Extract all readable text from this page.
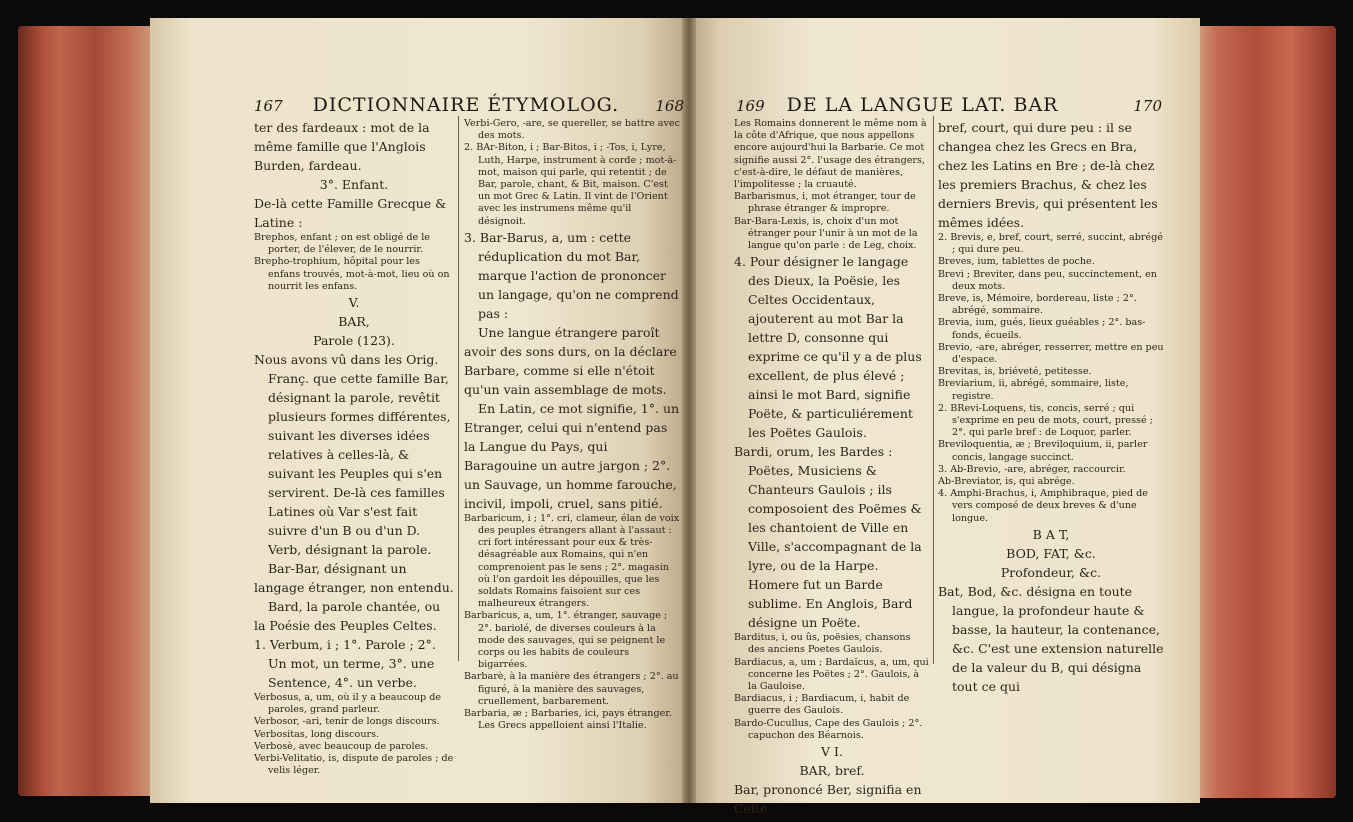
167 DICTIONNAIRE ÉTYMOLOG. 168	169 DE LA LANGUE LAT. BAR	170

ter des fardeaux : mot de la même famille que l'Anglois Burden, fardeau.

3°. Enfant.

De-là cette Famille Grecque & Latine :

Brephos, enfant ; on est obligé de le porter, de l'élever, de le nourrir.

Brepho-trophium, hôpital pour les enfans trouvés, mot-à-mot, lieu où on nourrit les enfans.

V.

BAR,

Parole (123).

Nous avons vû dans les Orig. Franç. que cette famille Bar, désignant la parole, revêtit plusieurs formes différentes, suivant les diverses idées relatives à celles-là, & suivant les Peuples qui s'en servirent. De-là ces familles Latines où Var s'est fait suivre d'un B ou d'un D.

Verb, désignant la parole.

Bar-Bar, désignant un langage étranger, non entendu.

Bard, la parole chantée, ou la Poésie des Peuples Celtes.

1. Verbum, i ; 1°. Parole ; 2°. Un mot, un terme, 3°. une Sentence, 4°. un verbe.

Verbosus, a, um, où il y a beaucoup de paroles, grand parleur.

Verbosor, -ari, tenir de longs discours.

Verbositas, long discours.

Verbosè, avec beaucoup de paroles.

Verbi-Velitatio, is, dispute de paroles ; de velis léger.

Verbi-Gero, -are, se quereller, se battre avec des mots.

2. BAr-Biton, i ; Bar-Bitos, i ; -Tos, i, Lyre, Luth, Harpe, instrument à corde ; mot-à-mot, maison qui parle, qui retentit ; de Bar, parole, chant, & Bit, maison. C'est un mot Grec & Latin. Il vint de l'Orient avec les instrumens même qu'il désignoit.

3. Bar-Barus, a, um : cette réduplication du mot Bar, marque l'action de prononcer un langage, qu'on ne comprend pas :

Une langue étrangere paroît avoir des sons durs, on la déclare Barbare, comme si elle n'étoit qu'un vain assemblage de mots.

En Latin, ce mot signifie, 1°. un Etranger, celui qui n'entend pas la Langue du Pays, qui Baragouine un autre jargon ; 2°. un Sauvage, un homme farouche, incivil, impoli, cruel, sans pitié.

Barbaricum, i ; 1°. cri, clameur, élan de voix des peuples étrangers allant à l'assaut : cri fort intéressant pour eux & très-désagréable aux Romains, qui n'en comprenoient pas le sens ; 2°. magasin où l'on gardoit les dépouilles, que les soldats Romains faisoient sur ces malheureux étrangers.

Barbaricus, a, um, 1°. étranger, sauvage ; 2°. bariolé, de diverses couleurs à la mode des sauvages, qui se peignent le corps ou les habits de couleurs bigarrées.

Barbarè, à la manière des étrangers ; 2°. au figuré, à la manière des sauvages, cruellement, barbarement.

Barbaria, æ ; Barbaries, ici, pays étranger. Les Grecs appelloient ainsi l'Italie.

Les Romains donnerent le même nom à la côte d'Afrique, que nous appellons encore aujourd'hui la Barbarie. Ce mot signifie aussi 2°. l'usage des étrangers, c'est-à-dire, le défaut de manières, l'impolitesse ; la cruauté.

Barbarismus, i, mot étranger, tour de phrase étranger & impropre.

Bar-Bara-Lexis, is, choix d'un mot étranger pour l'unir à un mot de la langue qu'on parle : de Leg, choix.

4. Pour désigner le langage des Dieux, la Poësie, les Celtes Occidentaux, ajouterent au mot Bar la lettre D, consonne qui exprime ce qu'il y a de plus excellent, de plus élevé ; ainsi le mot Bard, signifie Poëte, & particuliérement les Poëtes Gaulois.

Bardi, orum, les Bardes : Poëtes, Musiciens & Chanteurs Gaulois ; ils composoient des Poëmes & les chantoient de Ville en Ville, s'accompagnant de la lyre, ou de la Harpe. Homere fut un Barde sublime. En Anglois, Bard désigne un Poëte.

Barditus, i, ou ûs, poësies, chansons des anciens Poetes Gaulois.

Bardiacus, a, um ; Bardaïcus, a, um, qui concerne les Poëtes ; 2°. Gaulois, à la Gauloise.

Bardiacus, i ; Bardiacum, i, habit de guerre des Gaulois.

Bardo-Cucullus, Cape des Gaulois ; 2°. capuchon des Béarnois.

V I.

BAR, bref.

Bar, prononcé Ber, signifia en Celte

bref, court, qui dure peu : il se changea chez les Grecs en Bra, chez les Latins en Bre ; de-là chez les premiers Brachus, & chez les derniers Brevis, qui présentent les mêmes idées.

2. Brevis, e, bref, court, serré, succint, abrégé ; qui dure peu.

Breves, ium, tablettes de poche.

Brevi ; Breviter, dans peu, succinctement, en deux mots.

Breve, is, Mémoire, bordereau, liste ; 2°. abrégé, sommaire.

Brevia, ium, gués, lieux guéables ; 2°. bas-fonds, écueils.

Brevio, -are, abréger, resserrer, mettre en peu d'espace.

Brevitas, is, briéveté, petitesse.

Breviarium, ii, abrégé, sommaire, liste, registre.

2. BRevi-Loquens, tis, concis, serré ; qui s'exprime en peu de mots, court, pressé ; 2°. qui parle bref : de Loquor, parler.

Breviloquentia, æ ; Breviloquium, ii, parler concis, langage succinct.

3. Ab-Brevio, -are, abréger, raccourcir.

Ab-Breviator, is, qui abrége.

4. Amphi-Brachus, i, Amphibraque, pied de vers composé de deux breves & d'une longue.

B A T,

BOD, FAT, &c.

Profondeur, &c.

Bat, Bod, &c. désigna en toute langue, la profondeur haute & basse, la hauteur, la contenance, &c. C'est une extension naturelle de la valeur du B, qui désigna tout ce qui
